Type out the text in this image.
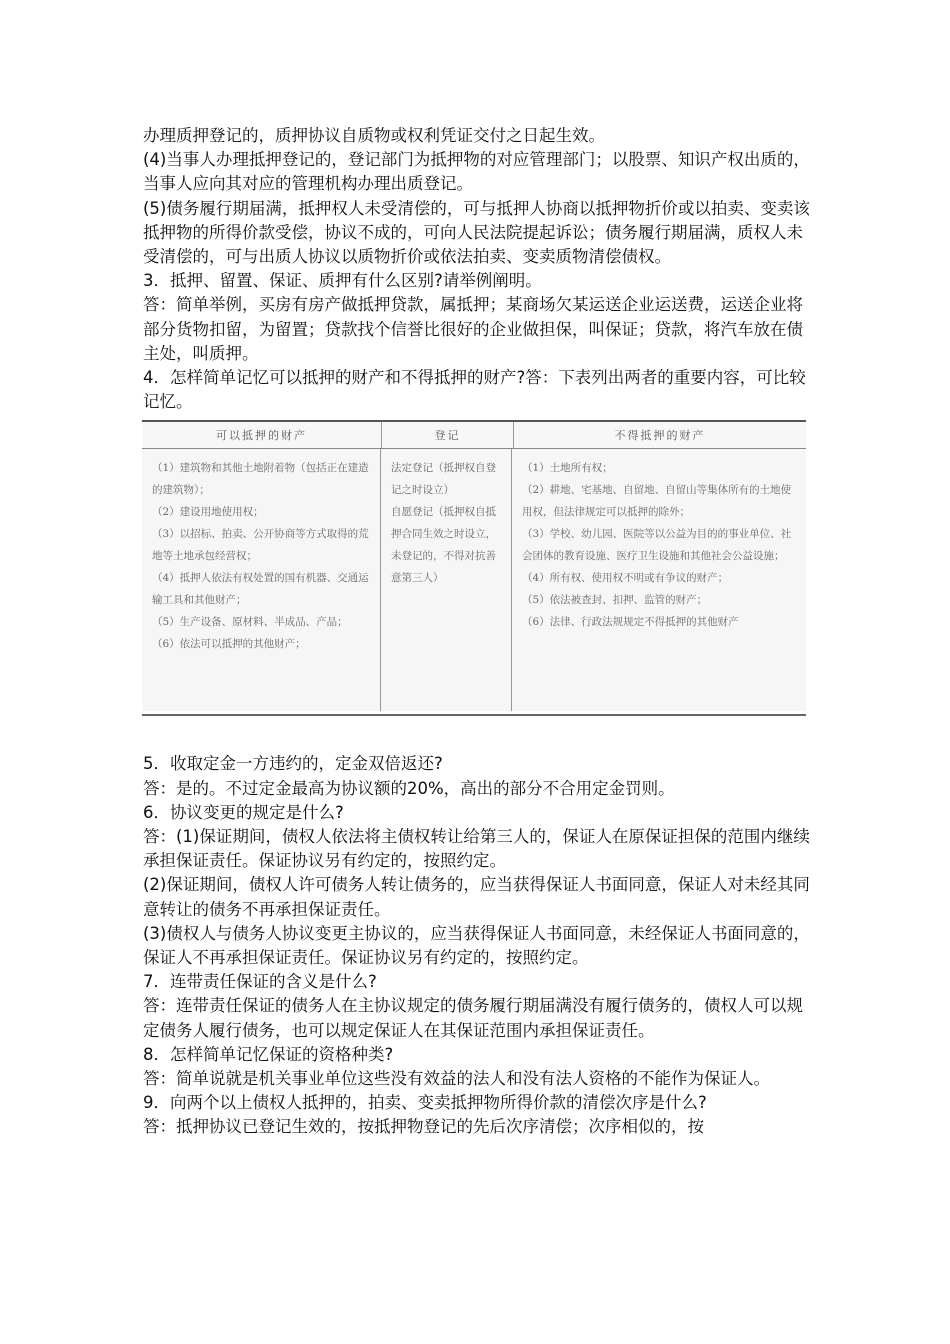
办理质押登记的，质押协议自质物或权利凭证交付之日起生效。

(4)当事人办理抵押登记的，登记部门为抵押物的对应管理部门；以股票、知识产权出质的，当事人应向其对应的管理机构办理出质登记。

(5)债务履行期届满，抵押权人未受清偿的，可与抵押人协商以抵押物折价或以拍卖、变卖该抵押物的所得价款受偿，协议不成的，可向人民法院提起诉讼；债务履行期届满，质权人未受清偿的，可与出质人协议以质物折价或依法拍卖、变卖质物清偿债权。

3．抵押、留置、保证、质押有什么区别?请举例阐明。

答：简单举例，买房有房产做抵押贷款，属抵押；某商场欠某运送企业运送费，运送企业将部分货物扣留，为留置；贷款找个信誉比很好的企业做担保，叫保证；贷款，将汽车放在债主处，叫质押。

4．怎样简单记忆可以抵押的财产和不得抵押的财产?答：下表列出两者的重要内容，可比较记忆。

可以抵押的财产	登记	不得抵押的财产

（1）建筑物和其他土地附着物（包括正在建造的建筑物）；

（2）建设用地使用权；

（3）以招标、拍卖、公开协商等方式取得的荒地等土地承包经营权；

（4）抵押人依法有权处置的国有机器、交通运输工具和其他财产；

（5）生产设备、原材料、半成品、产品；

（6）依法可以抵押的其他财产；

法定登记（抵押权自登记之时设立）

自愿登记（抵押权自抵押合同生效之时设立，未登记的，不得对抗善意第三人）

（1）土地所有权；

（2）耕地、宅基地、自留地、自留山等集体所有的土地使用权，但法律规定可以抵押的除外；

（3）学校、幼儿园、医院等以公益为目的的事业单位、社会团体的教育设施、医疗卫生设施和其他社会公益设施；

（4）所有权、使用权不明或有争议的财产；

（5）依法被查封、扣押、监管的财产；

（6）法律、行政法规规定不得抵押的其他财产

5．收取定金一方违约的，定金双倍返还?

答：是的。不过定金最高为协议额的20%，高出的部分不合用定金罚则。

6．协议变更的规定是什么?

答：(1)保证期间，债权人依法将主债权转让给第三人的，保证人在原保证担保的范围内继续承担保证责任。保证协议另有约定的，按照约定。

(2)保证期间，债权人许可债务人转让债务的，应当获得保证人书面同意，保证人对未经其同意转让的债务不再承担保证责任。

(3)债权人与债务人协议变更主协议的，应当获得保证人书面同意，未经保证人书面同意的，保证人不再承担保证责任。保证协议另有约定的，按照约定。

7．连带责任保证的含义是什么?

答：连带责任保证的债务人在主协议规定的债务履行期届满没有履行债务的，债权人可以规定债务人履行债务，也可以规定保证人在其保证范围内承担保证责任。

8．怎样简单记忆保证的资格种类?

答：简单说就是机关事业单位这些没有效益的法人和没有法人资格的不能作为保证人。

9．向两个以上债权人抵押的，拍卖、变卖抵押物所得价款的清偿次序是什么?

答：抵押协议已登记生效的，按抵押物登记的先后次序清偿；次序相似的，按
